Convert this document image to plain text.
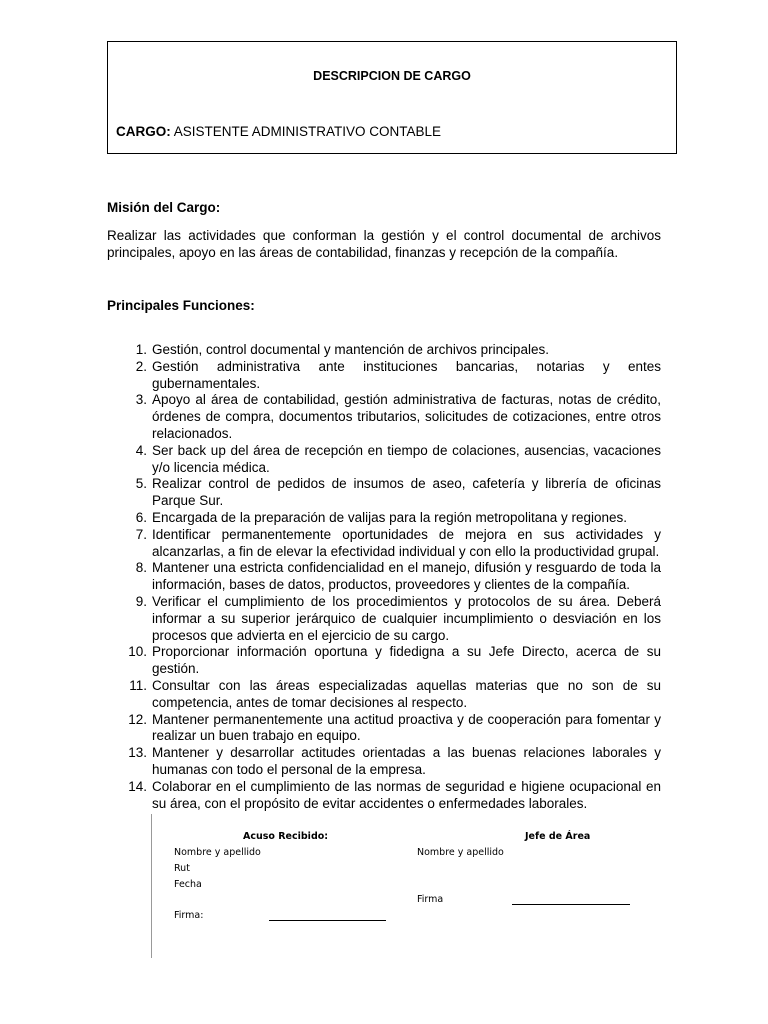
DESCRIPCION DE CARGO
CARGO: ASISTENTE ADMINISTRATIVO CONTABLE
Misión del Cargo:
Realizar las actividades que conforman la gestión y el control documental de archivos principales, apoyo en las áreas de contabilidad, finanzas y recepción de la compañía.
Principales Funciones:
1. Gestión, control documental y mantención de archivos principales.
2. Gestión administrativa ante instituciones bancarias, notarias y entes gubernamentales.
3. Apoyo al área de contabilidad, gestión administrativa de facturas, notas de crédito, órdenes de compra, documentos tributarios, solicitudes de cotizaciones, entre otros relacionados.
4. Ser back up del área de recepción en tiempo de colaciones, ausencias, vacaciones y/o licencia médica.
5. Realizar control de pedidos de insumos de aseo, cafetería y librería de oficinas Parque Sur.
6. Encargada de la preparación de valijas para la región metropolitana y regiones.
7. Identificar permanentemente oportunidades de mejora en sus actividades y alcanzarlas, a fin de elevar la efectividad individual y con ello la productividad grupal.
8. Mantener una estricta confidencialidad en el manejo, difusión y resguardo de toda la información, bases de datos, productos, proveedores y clientes de la compañía.
9. Verificar el cumplimiento de los procedimientos y protocolos de su área. Deberá informar a su superior jerárquico de cualquier incumplimiento o desviación en los procesos que advierta en el ejercicio de su cargo.
10. Proporcionar información oportuna y fidedigna a su Jefe Directo, acerca de su gestión.
11. Consultar con las áreas especializadas aquellas materias que no son de su competencia, antes de tomar decisiones al respecto.
12. Mantener permanentemente una actitud proactiva y de cooperación para fomentar y realizar un buen trabajo en equipo.
13. Mantener y desarrollar actitudes orientadas a las buenas relaciones laborales y humanas con todo el personal de la empresa.
14. Colaborar en el cumplimiento de las normas de seguridad e higiene ocupacional en su área, con el propósito de evitar accidentes o enfermedades laborales.
Acuso Recibido:
Nombre y apellido
Rut
Fecha
Firma:
Jefe de Área
Nombre y apellido
Firma
